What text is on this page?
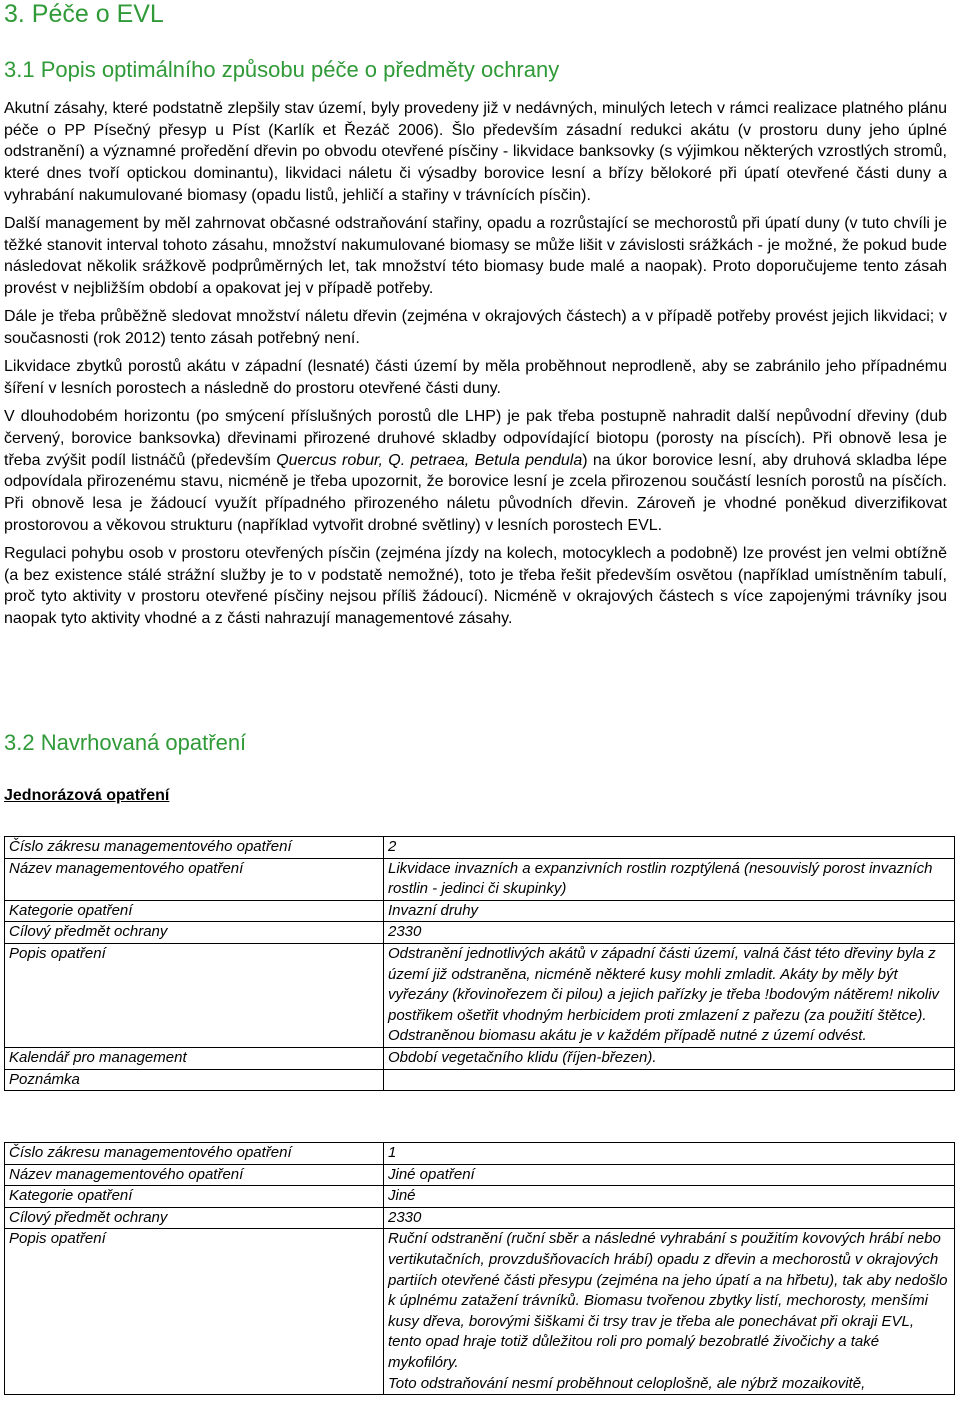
3. Péče o EVL
3.1 Popis optimálního způsobu péče o předměty ochrany

Akutní zásahy, které podstatně zlepšily stav území, byly provedeny již v nedávných, minulých letech v rámci realizace platného plánu péče o PP Písečný přesyp u Píst (Karlík et Řezáč 2006). Šlo především zásadní redukci akátu (v prostoru duny jeho úplné odstranění) a významné proředění dřevin po obvodu otevřené písčiny - likvidace banksovky (s výjimkou některých vzrostlých stromů, které dnes tvoří optickou dominantu), likvidaci náletu či výsadby borovice lesní a břízy bělokoré při úpatí otevřené části duny a vyhrabání nakumulované biomasy (opadu listů, jehličí a stařiny v trávnících písčin).

Další management by měl zahrnovat občasné odstraňování stařiny, opadu a rozrůstající se mechorostů při úpatí duny (v tuto chvíli je těžké stanovit interval tohoto zásahu, množství nakumulované biomasy se může lišit v závislosti srážkách - je možné, že pokud bude následovat několik srážkově podprůměrných let, tak množství této biomasy bude malé a naopak). Proto doporučujeme tento zásah provést v nejbližším období a opakovat jej v případě potřeby.

Dále je třeba průběžně sledovat množství náletu dřevin (zejména v okrajových částech) a v případě potřeby provést jejich likvidaci; v současnosti (rok 2012) tento zásah potřebný není.

Likvidace zbytků porostů akátu v západní (lesnaté) části území by měla proběhnout neprodleně, aby se zabránilo jeho případnému šíření v lesních porostech a následně do prostoru otevřené části duny.

V dlouhodobém horizontu (po smýcení příslušných porostů dle LHP) je pak třeba postupně nahradit další nepůvodní dřeviny (dub červený, borovice banksovka) dřevinami přirozené druhové skladby odpovídající biotopu (porosty na píscích). Při obnově lesa je třeba zvýšit podíl listnáčů (především Quercus robur, Q. petraea, Betula pendula) na úkor borovice lesní, aby druhová skladba lépe odpovídala přirozenému stavu, nicméně je třeba upozornit, že borovice lesní je zcela přirozenou součástí lesních porostů na písčích. Při obnově lesa je žádoucí využít případného přirozeného náletu původních dřevin. Zároveň je vhodné poněkud diverzifikovat prostorovou a věkovou strukturu (například vytvořit drobné světliny) v lesních porostech EVL.

Regulaci pohybu osob v prostoru otevřených písčin (zejména jízdy na kolech, motocyklech a podobně) lze provést jen velmi obtížně (a bez existence stálé strážní služby je to v podstatě nemožné), toto je třeba řešit především osvětou (například umístněním tabulí, proč tyto aktivity v prostoru otevřené písčiny nejsou příliš žádoucí). Nicméně v okrajových částech s více zapojenými trávníky jsou naopak tyto aktivity vhodné a z části nahrazují managementové zásahy.

3.2 Navrhovaná opatření
Jednorázová opatření
Číslo zákresu managementového opatření	2
Název managementového opatření	Likvidace invazních a expanzivních rostlin rozptýlená (nesouvislý porost invazních rostlin - jedinci či skupinky)
Kategorie opatření	Invazní druhy
Cílový předmět ochrany	2330
Popis opatření	Odstranění jednotlivých akátů v západní části území, valná část této dřeviny byla z území již odstraněna, nicméně některé kusy mohli zmladit. Akáty by měly být vyřezány (křovinořezem či pilou) a jejich pařízky je třeba !bodovým nátěrem! nikoliv postřikem ošetřit vhodným herbicidem proti zmlazení z pařezu (za použití štětce). Odstraněnou biomasu akátu je v každém případě nutné z území odvést.
Kalendář pro management	Období vegetačního klidu (říjen-březen).
Poznámka	
Číslo zákresu managementového opatření	1
Název managementového opatření	Jiné opatření
Kategorie opatření	Jiné
Cílový předmět ochrany	2330
Popis opatření	Ruční odstranění (ruční sběr a následné vyhrabání s použitím kovových hrábí nebo vertikutačních, provzdušňovacích hrábí) opadu z dřevin a mechorostů v okrajových partiích otevřené části přesypu (zejména na jeho úpatí a na hřbetu), tak aby nedošlo k úplnému zatažení trávníků. Biomasu tvořenou zbytky listí, mechorosty, menšími kusy dřeva, borovými šiškami či trsy trav je třeba ale ponechávat při okraji EVL, tento opad hraje totiž důležitou roli pro pomalý bezobratlé živočichy a také mykofilóry.
Toto odstraňování nesmí proběhnout celoplošně, ale nýbrž mozaikovitě,
